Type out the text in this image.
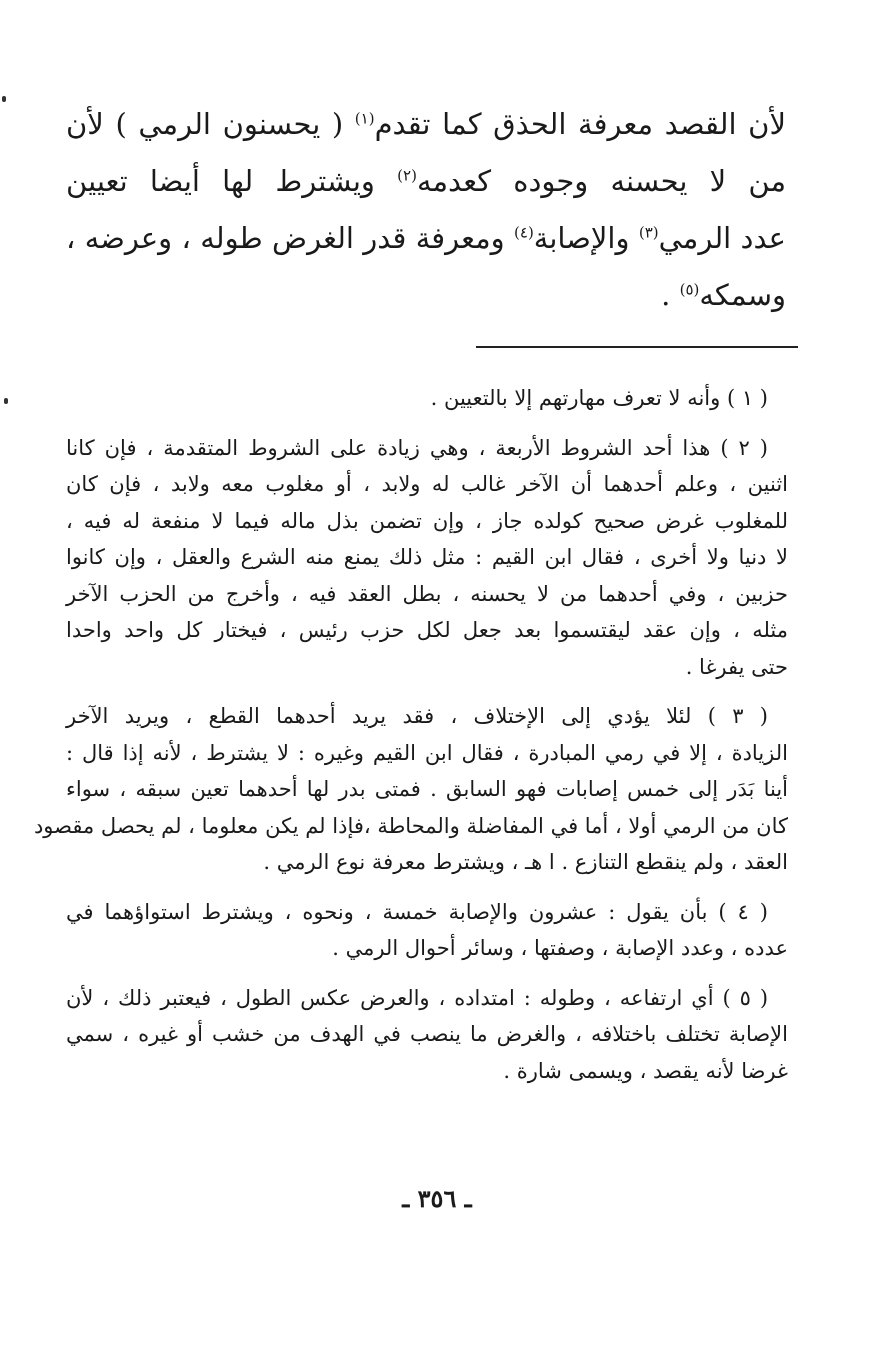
لأن القصد معرفة الحذق كما تقدم$^{(١)}$ ( يحسنون الرمي ) لأن
من لا يحسنه وجوده كعدمه$^{(٢)}$ ويشترط لها أيضا تعيين
عدد الرمي$^{(٣)}$ والإصابة$^{(٤)}$ ومعرفة قدر الغرض طوله ، وعرضه ،
وسمكه$^{(٥)}$ .
( ١ ) وأنه لا تعرف مهارتهم إلا بالتعيين .
( ٢ ) هذا أحد الشروط الأربعة ، وهي زيادة على الشروط المتقدمة ، فإن كانا
اثنين ، وعلم أحدهما أن الآخر غالب له ولابد ، أو مغلوب معه ولابد ، فإن كان
للمغلوب غرض صحيح كولده جاز ، وإن تضمن بذل ماله فيما لا منفعة له فيه ،
لا دنيا ولا أخرى ، فقال ابن القيم : مثل ذلك يمنع منه الشرع والعقل ، وإن كانوا
حزبين ، وفي أحدهما من لا يحسنه ، بطل العقد فيه ، وأخرج من الحزب الآخر
مثله ، وإن عقد ليقتسموا بعد جعل لكل حزب رئيس ، فيختار كل واحد واحدا
حتى يفرغا .
( ٣ ) لئلا يؤدي إلى الإختلاف ، فقد يريد أحدهما القطع ، ويريد الآخر
الزيادة ، إلا في رمي المبادرة ، فقال ابن القيم وغيره : لا يشترط ، لأنه إذا قال :
أينا بَدَر إلى خمس إصابات فهو السابق . فمتى بدر لها أحدهما تعين سبقه ، سواء
كان من الرمي أولا ، أما في المفاضلة والمحاطة ،فإذا لم يكن معلوما ، لم يحصل مقصود
العقد ، ولم ينقطع التنازع . ا هـ ، ويشترط معرفة نوع الرمي .
( ٤ ) بأن يقول : عشرون والإصابة خمسة ، ونحوه ، ويشترط استواؤهما في
عدده ، وعدد الإصابة ، وصفتها ، وسائر أحوال الرمي .
( ٥ ) أي ارتفاعه ، وطوله : امتداده ، والعرض عكس الطول ، فيعتبر ذلك ، لأن
الإصابة تختلف باختلافه ، والغرض ما ينصب في الهدف من خشب أو غيره ، سمي
غرضا لأنه يقصد ، ويسمى شارة .
ـ ٣٥٦ ـ
